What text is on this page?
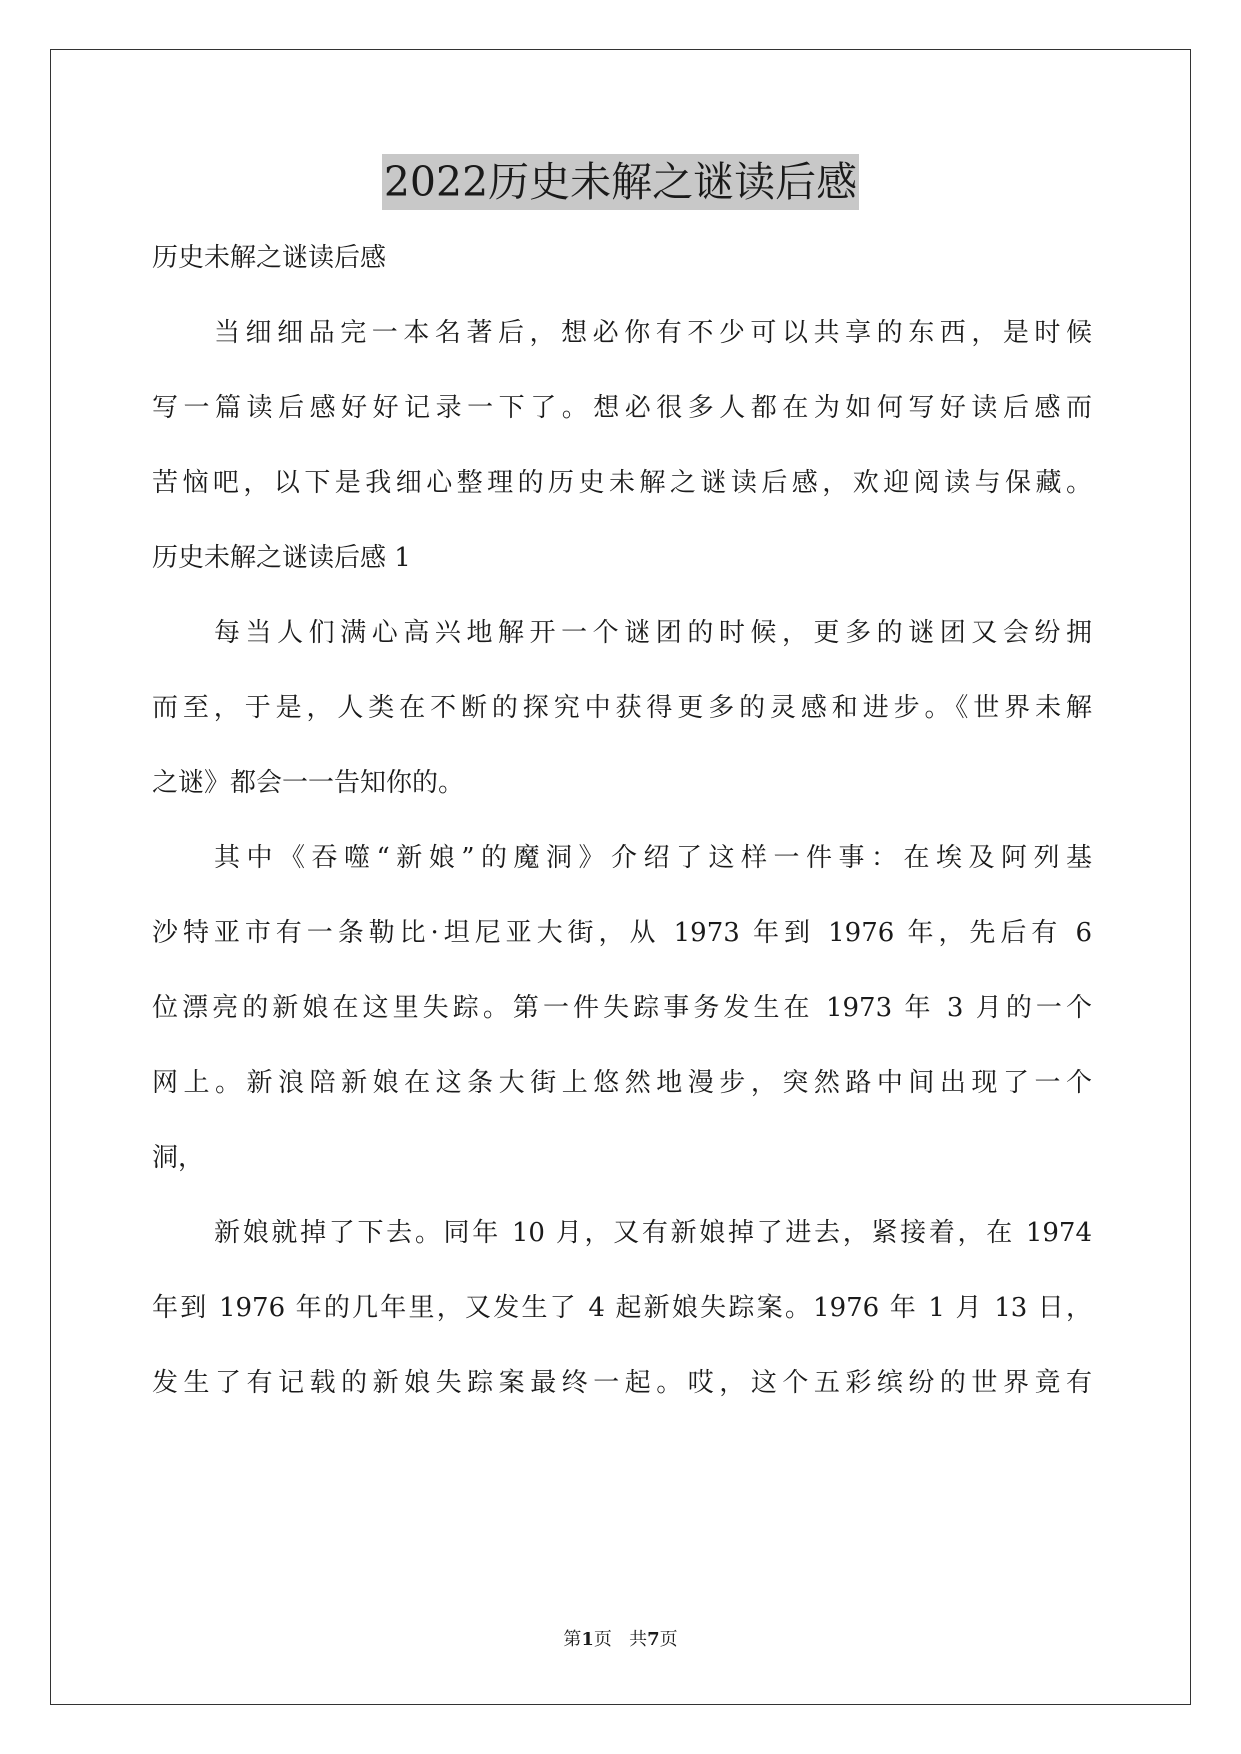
2022历史未解之谜读后感
历史未解之谜读后感
当细细品完一本名著后，想必你有不少可以共享的东西，是时候
写一篇读后感好好记录一下了。想必很多人都在为如何写好读后感而
苦恼吧，以下是我细心整理的历史未解之谜读后感，欢迎阅读与保藏。
历史未解之谜读后感 1
每当人们满心高兴地解开一个谜团的时候，更多的谜团又会纷拥
而至，于是，人类在不断的探究中获得更多的灵感和进步。《世界未解
之谜》都会一一告知你的。
其中《吞噬“新娘”的魔洞》介绍了这样一件事：在埃及阿列基
沙特亚市有一条勒比·坦尼亚大街，从 1973 年到 1976 年，先后有 6
位漂亮的新娘在这里失踪。第一件失踪事务发生在 1973 年 3 月的一个
网上。新浪陪新娘在这条大街上悠然地漫步，突然路中间出现了一个
洞，
新娘就掉了下去。同年 10 月，又有新娘掉了进去，紧接着，在 1974
年到 1976 年的几年里，又发生了 4 起新娘失踪案。1976 年 1 月 13 日，
发生了有记载的新娘失踪案最终一起。哎，这个五彩缤纷的世界竟有
第1页 共7页
